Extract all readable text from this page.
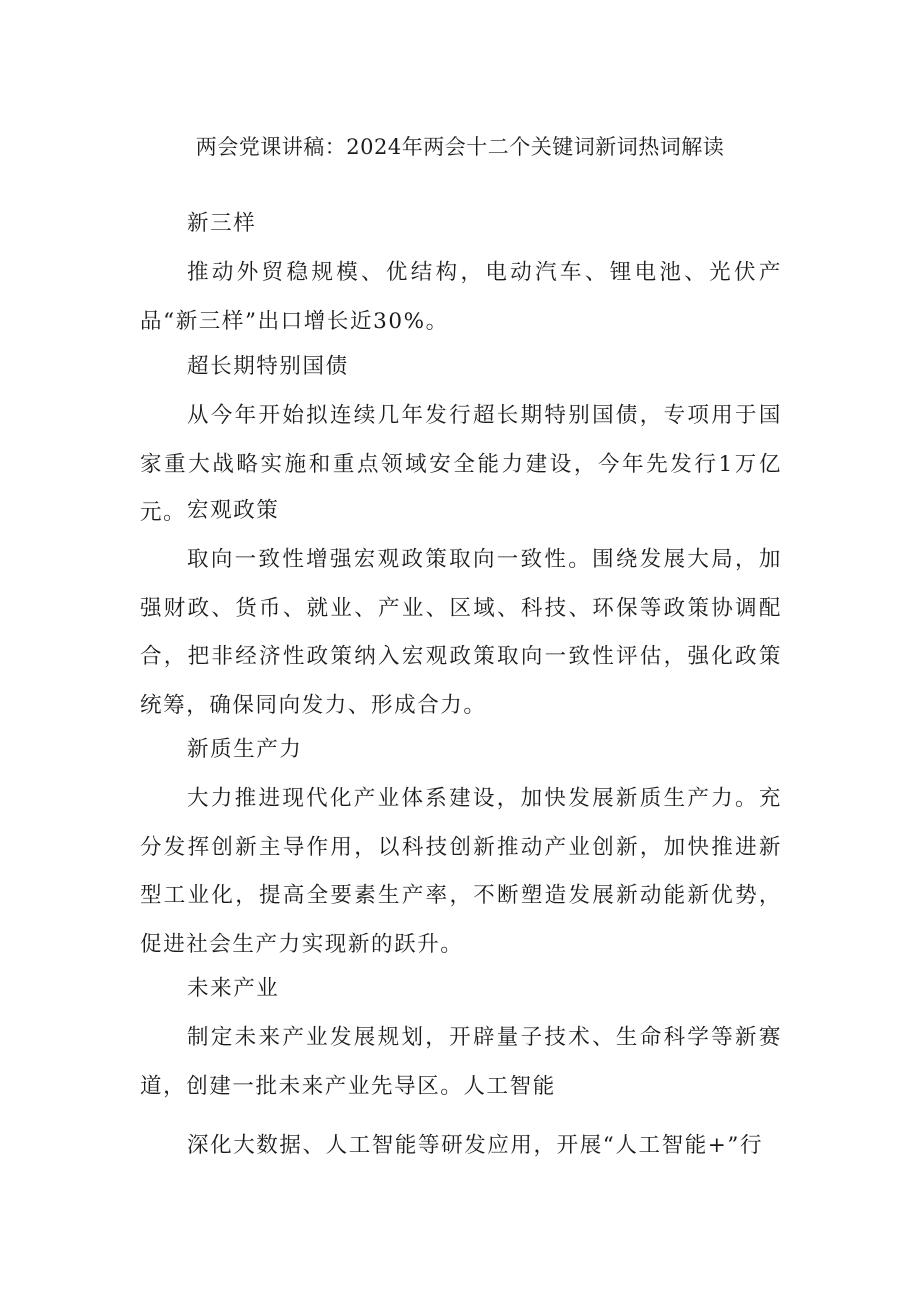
两会党课讲稿：2024年两会十二个关键词新词热词解读
新三样

推动外贸稳规模、优结构，电动汽车、锂电池、光伏产品“新三样”出口增长近30%。

超长期特别国债

从今年开始拟连续几年发行超长期特别国债，专项用于国家重大战略实施和重点领域安全能力建设，今年先发行1万亿元。 宏观政策

取向一致性增强宏观政策取向一致性。围绕发展大局，加强财政、货币、就业、产业、区域、科技、环保等政策协调配合，把非经济性政策纳入宏观政策取向一致性评估，强化政策统筹，确保同向发力、形成合力。

新质生产力

大力推进现代化产业体系建设，加快发展新质生产力。充分发挥创新主导作用，以科技创新推动产业创新，加快推进新型工业化，提高全要素生产率，不断塑造发展新动能新优势，促进社会生产力实现新的跃升。

未来产业

制定未来产业发展规划，开辟量子技术、生命科学等新赛道，创建一批未来产业先导区。人工智能

深化大数据、人工智能等研发应用，开展“人工智能+”行
